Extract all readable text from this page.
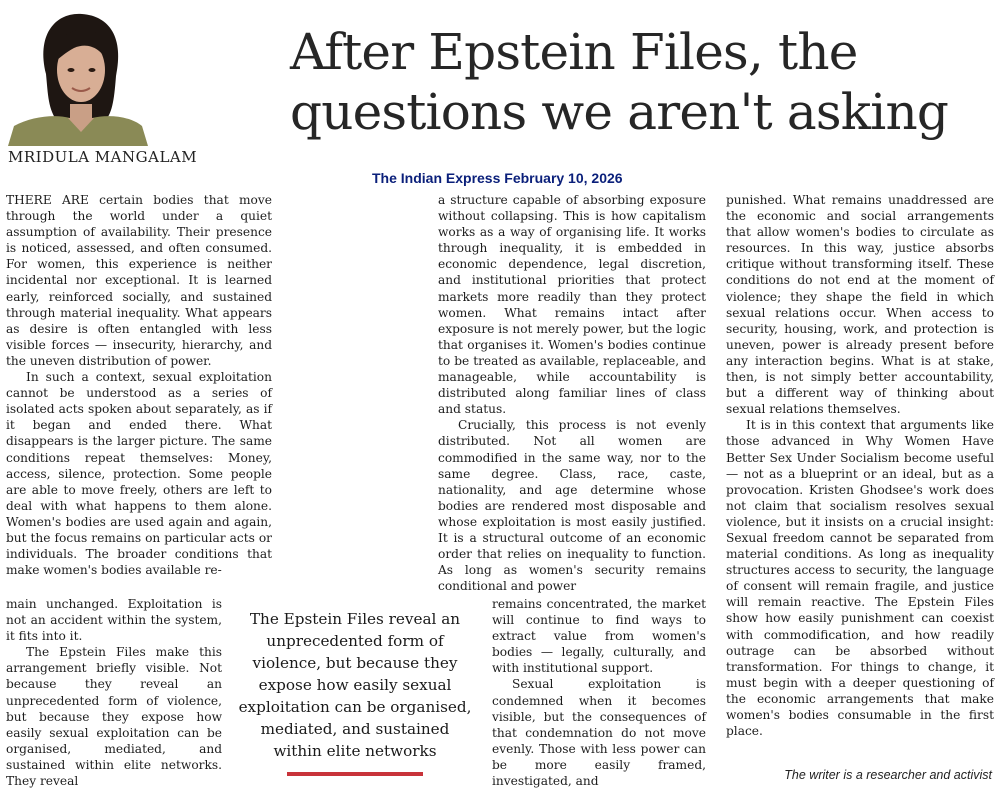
MRIDULA MANGALAM
After Epstein Files, the
questions we aren't asking
The Indian Express February 10, 2026

THERE ARE certain bodies that move through the world under a quiet assumption of availability. Their presence is noticed, assessed, and often consumed. For women, this experience is neither incidental nor exceptional. It is learned early, reinforced socially, and sustained through material inequality. What appears as desire is often entangled with less visible forces — insecurity, hierarchy, and the uneven distribution of power.

In such a context, sexual exploitation cannot be understood as a series of isolated acts spoken about separately, as if it began and ended there. What disappears is the larger picture. The same conditions repeat themselves: Money, access, silence, protection. Some people are able to move freely, others are left to deal with what happens to them alone. Women's bodies are used again and again, but the focus remains on particular acts or individuals. The broader conditions that make women's bodies available re-

main unchanged. Exploitation is not an accident within the system, it fits into it.

The Epstein Files make this arrangement briefly visible. Not because they reveal an unprecedented form of violence, but because they expose how easily sexual exploitation can be organised, mediated, and sustained within elite networks. They reveal

a structure capable of absorbing exposure without collapsing. This is how capitalism works as a way of organising life. It works through inequality, it is embedded in economic dependence, legal discretion, and institutional priorities that protect markets more readily than they protect women. What remains intact after exposure is not merely power, but the logic that organises it. Women's bodies continue to be treated as available, replaceable, and manageable, while accountability is distributed along familiar lines of class and status.

Crucially, this process is not evenly distributed. Not all women are commodified in the same way, nor to the same degree. Class, race, caste, nationality, and age determine whose bodies are rendered most disposable and whose exploitation is most easily justified. It is a structural outcome of an economic order that relies on inequality to function. As long as women's security remains conditional and power

remains concentrated, the market will continue to find ways to extract value from women's bodies — legally, culturally, and with institutional support.

Sexual exploitation is condemned when it becomes visible, but the consequences of that condemnation do not move evenly. Those with less power can be more easily framed, investigated, and

punished. What remains unaddressed are the economic and social arrangements that allow women's bodies to circulate as resources. In this way, justice absorbs critique without transforming itself. These conditions do not end at the moment of violence; they shape the field in which sexual relations occur. When access to security, housing, work, and protection is uneven, power is already present before any interaction begins. What is at stake, then, is not simply better accountability, but a different way of thinking about sexual relations themselves.

It is in this context that arguments like those advanced in Why Women Have Better Sex Under Socialism become useful — not as a blueprint or an ideal, but as a provocation. Kristen Ghodsee's work does not claim that socialism resolves sexual violence, but it insists on a crucial insight: Sexual freedom cannot be separated from material conditions. As long as inequality structures access to security, the language of consent will remain fragile, and justice will remain reactive. The Epstein Files show how easily punishment can coexist with commodification, and how readily outrage can be absorbed without transformation. For things to change, it must begin with a deeper questioning of the economic arrangements that make women's bodies consumable in the first place.

The Epstein Files reveal an unprecedented form of violence, but because they expose how easily sexual exploitation can be organised, mediated, and sustained within elite networks
The writer is a researcher and activist
